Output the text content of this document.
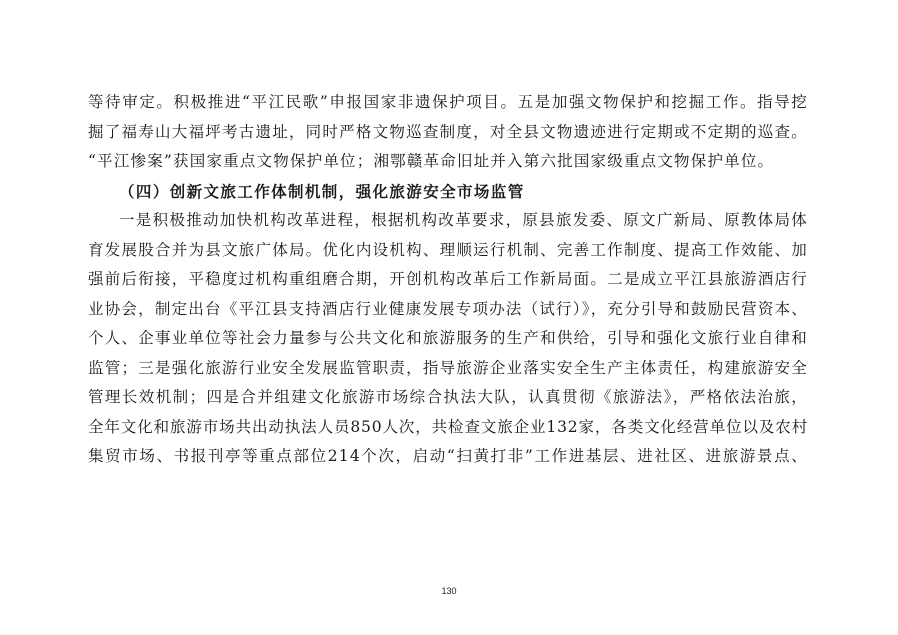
等待审定。积极推进“平江民歌”申报国家非遗保护项目。五是加强文物保护和挖掘工作。指导挖
掘了福寿山大福坪考古遗址，同时严格文物巡查制度，对全县文物遗迹进行定期或不定期的巡查。
“平江惨案”获国家重点文物保护单位；湘鄂赣革命旧址并入第六批国家级重点文物保护单位。
（四）创新文旅工作体制机制，强化旅游安全市场监管
一是积极推动加快机构改革进程，根据机构改革要求，原县旅发委、原文广新局、原教体局体
育发展股合并为县文旅广体局。优化内设机构、理顺运行机制、完善工作制度、提高工作效能、加
强前后衔接，平稳度过机构重组磨合期，开创机构改革后工作新局面。二是成立平江县旅游酒店行
业协会，制定出台《平江县支持酒店行业健康发展专项办法（试行）》，充分引导和鼓励民营资本、
个人、企事业单位等社会力量参与公共文化和旅游服务的生产和供给，引导和强化文旅行业自律和
监管；三是强化旅游行业安全发展监管职责，指导旅游企业落实安全生产主体责任，构建旅游安全
管理长效机制；四是合并组建文化旅游市场综合执法大队，认真贯彻《旅游法》，严格依法治旅，
全年文化和旅游市场共出动执法人员850人次，共检查文旅企业132家，各类文化经营单位以及农村
集贸市场、书报刊亭等重点部位214个次，启动“扫黄打非”工作进基层、进社区、进旅游景点、
130
